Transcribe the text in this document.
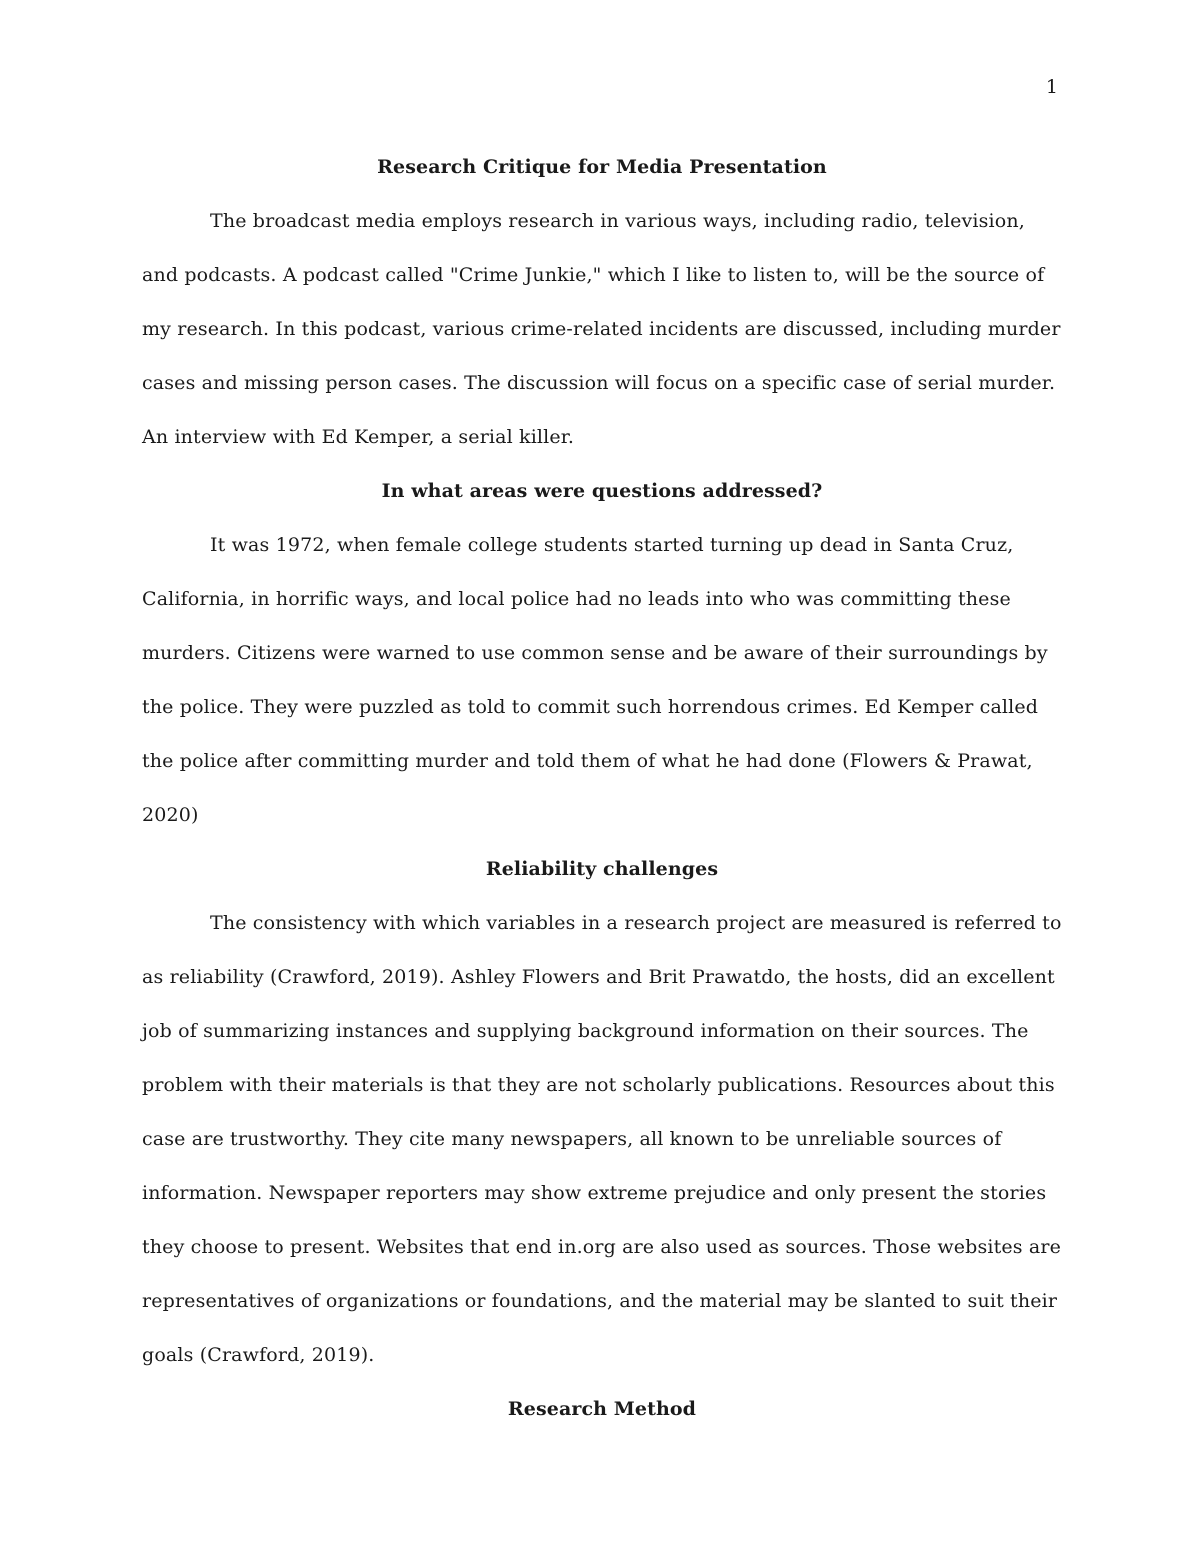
1
Research Critique for Media Presentation

The broadcast media employs research in various ways, including radio, television, and podcasts. A podcast called "Crime Junkie," which I like to listen to, will be the source of my research. In this podcast, various crime-related incidents are discussed, including murder cases and missing person cases. The discussion will focus on a specific case of serial murder. An interview with Ed Kemper, a serial killer.

In what areas were questions addressed?

It was 1972, when female college students started turning up dead in Santa Cruz, California, in horrific ways, and local police had no leads into who was committing these murders. Citizens were warned to use common sense and be aware of their surroundings by the police. They were puzzled as told to commit such horrendous crimes. Ed Kemper called the police after committing murder and told them of what he had done (Flowers & Prawat, 2020)

Reliability challenges

The consistency with which variables in a research project are measured is referred to as reliability (Crawford, 2019). Ashley Flowers and Brit Prawatdo, the hosts, did an excellent job of summarizing instances and supplying background information on their sources. The problem with their materials is that they are not scholarly publications. Resources about this case are trustworthy. They cite many newspapers, all known to be unreliable sources of information. Newspaper reporters may show extreme prejudice and only present the stories they choose to present. Websites that end in.org are also used as sources. Those websites are representatives of organizations or foundations, and the material may be slanted to suit their goals (Crawford, 2019).

Research Method
